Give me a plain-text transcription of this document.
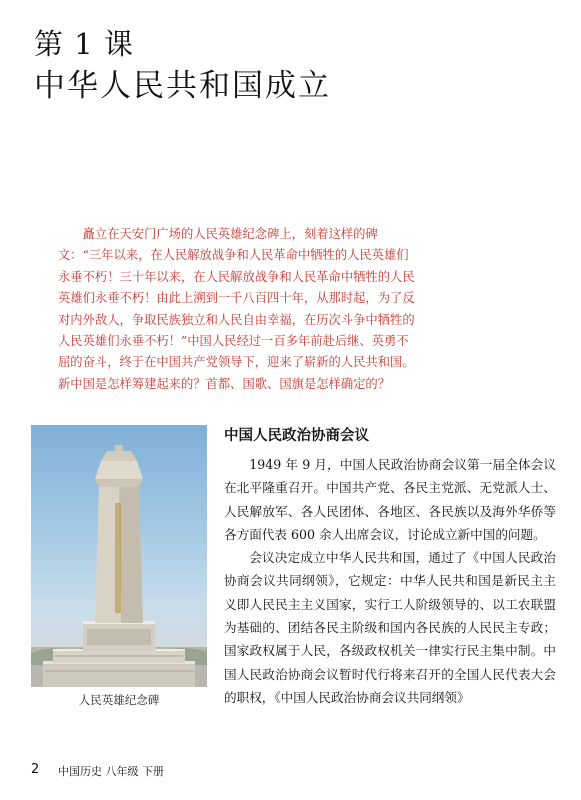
第 1 课
中华人民共和国成立

矗立在天安门广场的人民英雄纪念碑上，刻着这样的碑文：“三年以来，在人民解放战争和人民革命中牺牲的人民英雄们永垂不朽！三十年以来，在人民解放战争和人民革命中牺牲的人民英雄们永垂不朽！由此上溯到一千八百四十年，从那时起，为了反对内外敌人，争取民族独立和人民自由幸福，在历次斗争中牺牲的人民英雄们永垂不朽！”中国人民经过一百多年前赴后继、英勇不屈的奋斗，终于在中国共产党领导下，迎来了崭新的人民共和国。新中国是怎样筹建起来的？首都、国歌、国旗是怎样确定的？

人民英雄纪念碑
中国人民政治协商会议

1949 年 9 月，中国人民政治协商会议第一届全体会议在北平隆重召开。中国共产党、各民主党派、无党派人士、人民解放军、各人民团体、各地区、各民族以及海外华侨等各方面代表 600 余人出席会议，讨论成立新中国的问题。

会议决定成立中华人民共和国，通过了《中国人民政治协商会议共同纲领》，它规定：中华人民共和国是新民主主义即人民民主主义国家，实行工人阶级领导的、以工农联盟为基础的、团结各民主阶级和国内各民族的人民民主专政；国家政权属于人民，各级政权机关一律实行民主集中制。中国人民政治协商会议暂时代行将来召开的全国人民代表大会的职权，《中国人民政治协商会议共同纲领》

2 中国历史 八年级 下册
